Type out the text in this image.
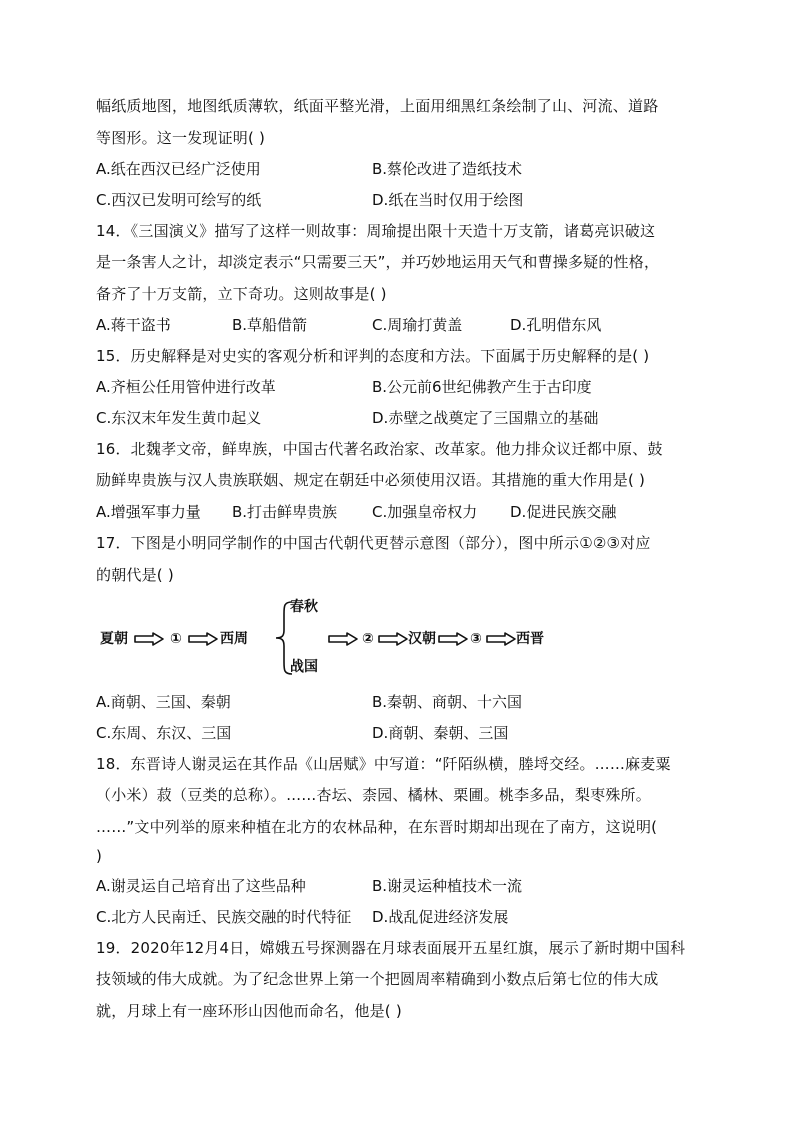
幅纸质地图，地图纸质薄软，纸面平整光滑，上面用细黑红条绘制了山、河流、道路
等图形。这一发现证明( )
A.纸在西汉已经广泛使用	B.蔡伦改进了造纸技术
C.西汉已发明可绘写的纸	D.纸在当时仅用于绘图
14．《三国演义》描写了这样一则故事：周瑜提出限十天造十万支箭，诸葛亮识破这
是一条害人之计，却淡定表示“只需要三天”，并巧妙地运用天气和曹操多疑的性格，
备齐了十万支箭，立下奇功。这则故事是( )
A.蒋干盗书	B.草船借箭	C.周瑜打黄盖	D.孔明借东风
15．历史解释是对史实的客观分析和评判的态度和方法。下面属于历史解释的是( )
A.齐桓公任用管仲进行改革	B.公元前6世纪佛教产生于古印度
C.东汉末年发生黄巾起义	D.赤壁之战奠定了三国鼎立的基础
16．北魏孝文帝，鲜卑族，中国古代著名政治家、改革家。他力排众议迁都中原、鼓
励鲜卑贵族与汉人贵族联姻、规定在朝廷中必须使用汉语。其措施的重大作用是( )
A.增强军事力量 B.打击鲜卑贵族 C.加强皇帝权力 D.促进民族交融
17．下图是小明同学制作的中国古代朝代更替示意图（部分），图中所示①②③对应
的朝代是( )
夏朝	①	西周
春秋
战国
② 汉朝 ③ 西晋
A.商朝、三国、秦朝	B.秦朝、商朝、十六国
C.东周、东汉、三国	D.商朝、秦朝、三国
18．东晋诗人谢灵运在其作品《山居赋》中写道：“阡陌纵横，塍埒交经。……麻麦粟
（小米）菽（豆类的总称）。……杏坛、柰园、橘林、栗圃。桃李多品，梨枣殊所。
……”文中列举的原来种植在北方的农林品种，在东晋时期却出现在了南方，这说明(
)
A.谢灵运自己培育出了这些品种	B.谢灵运种植技术一流
C.北方人民南迁、民族交融的时代特征 D.战乱促进经济发展
19．2020年12月4日，嫦娥五号探测器在月球表面展开五星红旗，展示了新时期中国科
技领域的伟大成就。为了纪念世界上第一个把圆周率精确到小数点后第七位的伟大成
就，月球上有一座环形山因他而命名，他是( )
